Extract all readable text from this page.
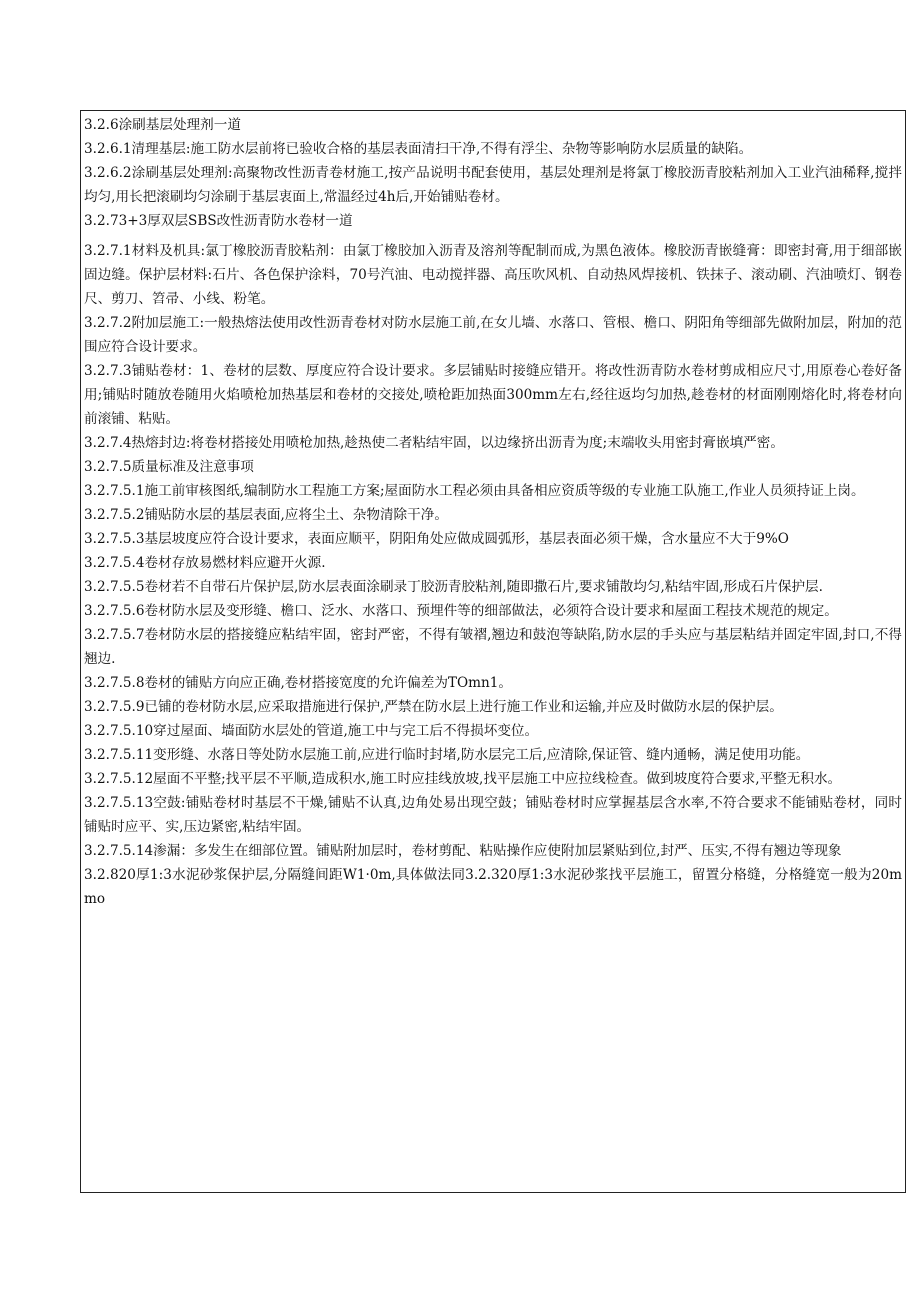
3.2.6涂刷基层处理剂一道

3.2.6.1清理基层:施工防水层前将已验收合格的基层表面清扫干净,不得有浮尘、杂物等影响防水层质量的缺陷。

3.2.6.2涂刷基层处理剂:高聚物改性沥青卷材施工,按产品说明书配套使用，基层处理剂是将氯丁橡胶沥青胶粘剂加入工业汽油稀释,搅拌均匀,用长把滚刷均匀涂刷于基层衷面上,常温经过4h后,开始铺贴卷材。

3.2.73+3厚双层SBS改性沥青防水卷材一道

3.2.7.1材料及机具:氯丁橡胶沥青胶粘剂：由氯丁橡胶加入沥青及溶剂等配制而成,为黑色液体。橡胶沥青嵌缝膏：即密封膏,用于细部嵌固边缝。保护层材料:石片、各色保护涂料，70号汽油、电动搅拌器、高压吹风机、自动热风焊接机、铁抹子、滚动刷、汽油喷灯、钢卷尺、剪刀、笤帚、小线、粉笔。

3.2.7.2附加层施工:一般热熔法使用改性沥青卷材对防水层施工前,在女儿墙、水落口、管根、檐口、阴阳角等细部先做附加层，附加的范围应符合设计要求。

3.2.7.3铺贴卷材：1、卷材的层数、厚度应符合设计要求。多层铺贴时接缝应错开。将改性沥青防水卷材剪成相应尺寸,用原卷心卷好备用;铺贴时随放卷随用火焰喷枪加热基层和卷材的交接处,喷枪距加热面300mm左右,经往返均匀加热,趁卷材的材面刚刚熔化时,将卷材向前滚铺、粘贴。

3.2.7.4热熔封边:将卷材搭接处用喷枪加热,趁热使二者粘结牢固，以边缘挤出沥青为度;末端收头用密封膏嵌填严密。

3.2.7.5质量标准及注意事项

3.2.7.5.1施工前审核图纸,编制防水工程施工方案;屋面防水工程必须由具备相应资质等级的专业施工队施工,作业人员须持证上岗。

3.2.7.5.2铺贴防水层的基层表面,应将尘土、杂物清除干净。

3.2.7.5.3基层坡度应符合设计要求，表面应顺平，阴阳角处应做成圆弧形，基层表面必须干燥，含水量应不大于9%O

3.2.7.5.4卷材存放易燃材料应避开火源.

3.2.7.5.5卷材若不自带石片保护层,防水层表面涂刷录丁胶沥青胶粘剂,随即撒石片,要求铺散均匀,粘结牢固,形成石片保护层.

3.2.7.5.6卷材防水层及变形缝、檐口、泛水、水落口、预埋件等的细部做法，必须符合设计要求和屋面工程技术规范的规定。

3.2.7.5.7卷材防水层的搭接缝应粘结牢固，密封严密，不得有皱褶,翘边和鼓泡等缺陷,防水层的手头应与基层粘结并固定牢固,封口,不得翘边.

3.2.7.5.8卷材的铺贴方向应正确,卷材搭接宽度的允许偏差为TOmn1。

3.2.7.5.9已铺的卷材防水层,应采取措施进行保护,严禁在防水层上进行施工作业和运输,并应及时做防水层的保护层。

3.2.7.5.10穿过屋面、墙面防水层处的管道,施工中与完工后不得损坏变位。

3.2.7.5.11变形缝、水落日等处防水层施工前,应进行临时封堵,防水层完工后,应清除,保证管、缝内通畅，满足使用功能。

3.2.7.5.12屋面不平整;找平层不平顺,造成积水,施工时应挂线放坡,找平层施工中应拉线检查。做到坡度符合要求,平整无积水。

3.2.7.5.13空鼓:铺贴卷材时基层不干燥,铺贴不认真,边角处易出现空鼓；铺贴卷材时应掌握基层含水率,不符合要求不能铺贴卷材，同时铺贴时应平、实,压边紧密,粘结牢固。

3.2.7.5.14渗漏：多发生在细部位置。铺贴附加层时，卷材剪配、粘贴操作应使附加层紧贴到位,封严、压实,不得有翘边等现象

3.2.820厚1:3水泥砂浆保护层,分隔缝间距W1·0m,具体做法同3.2.320厚1:3水泥砂浆找平层施工，留置分格缝，分格缝宽一般为20mmo
